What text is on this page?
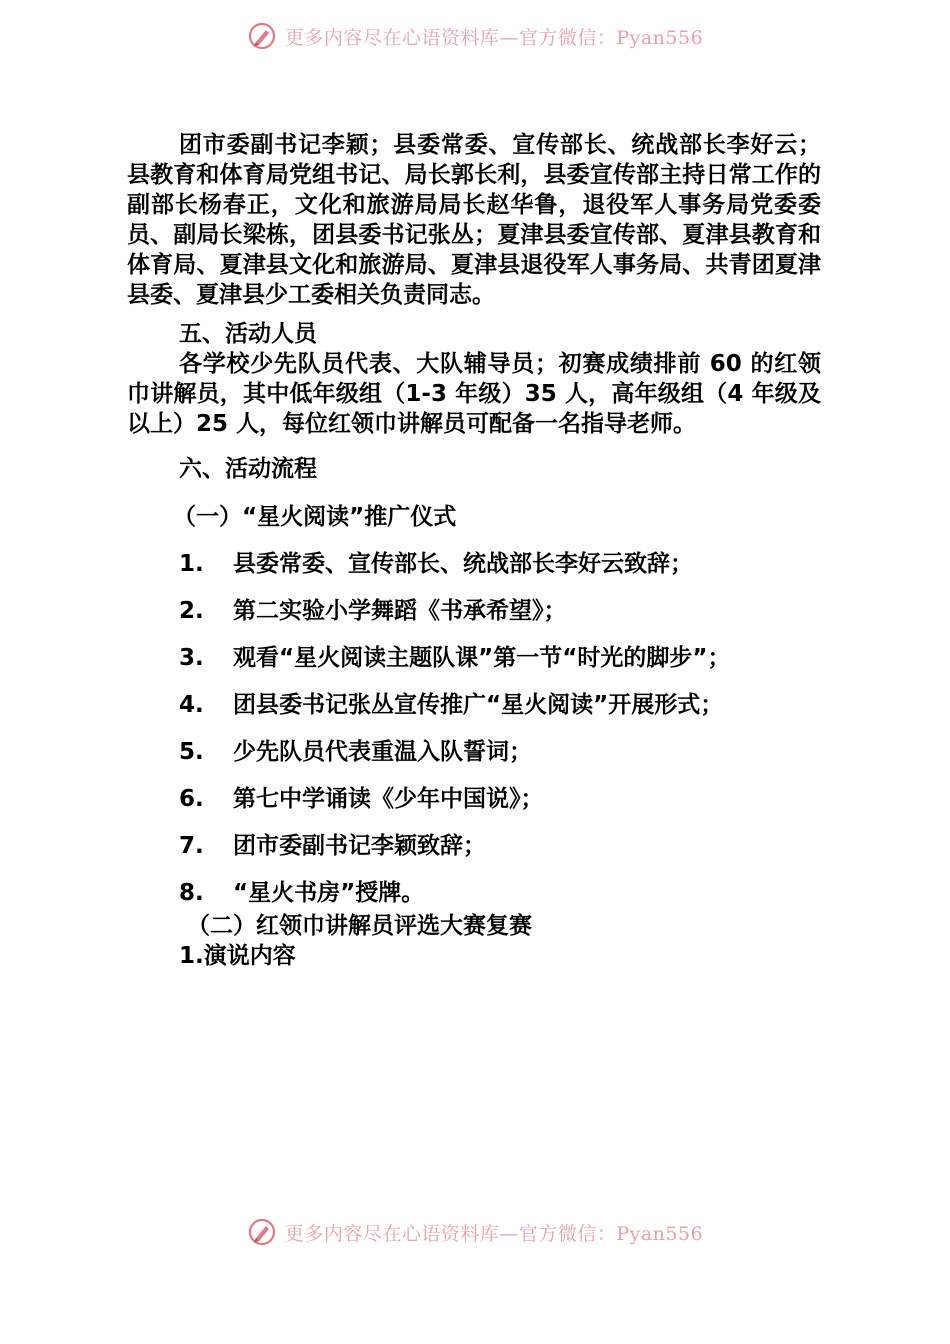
更多内容尽在心语资料库—官方微信：Pyan556

团市委副书记李颖；县委常委、宣传部长、统战部长李好云；县教育和体育局党组书记、局长郭长利，县委宣传部主持日常工作的副部长杨春正，文化和旅游局局长赵华鲁，退役军人事务局党委委员、副局长梁栋，团县委书记张丛；夏津县委宣传部、夏津县教育和体育局、夏津县文化和旅游局、夏津县退役军人事务局、共青团夏津县委、夏津县少工委相关负责同志。

五、活动人员

各学校少先队员代表、大队辅导员；初赛成绩排前 60 的红领巾讲解员，其中低年级组（1-3 年级）35 人，高年级组（4 年级及以上）25 人，每位红领巾讲解员可配备一名指导老师。

六、活动流程

（一）“星火阅读”推广仪式

1.	县委常委、宣传部长、统战部长李好云致辞；
2.	第二实验小学舞蹈《书承希望》；
3.	观看“星火阅读主题队课”第一节“时光的脚步”；
4.	团县委书记张丛宣传推广“星火阅读”开展形式；
5.	少先队员代表重温入队誓词；
6.	第七中学诵读《少年中国说》；
7.	团市委副书记李颖致辞；
8.	“星火书房”授牌。

（二）红领巾讲解员评选大赛复赛

1.演说内容

更多内容尽在心语资料库—官方微信：Pyan556
